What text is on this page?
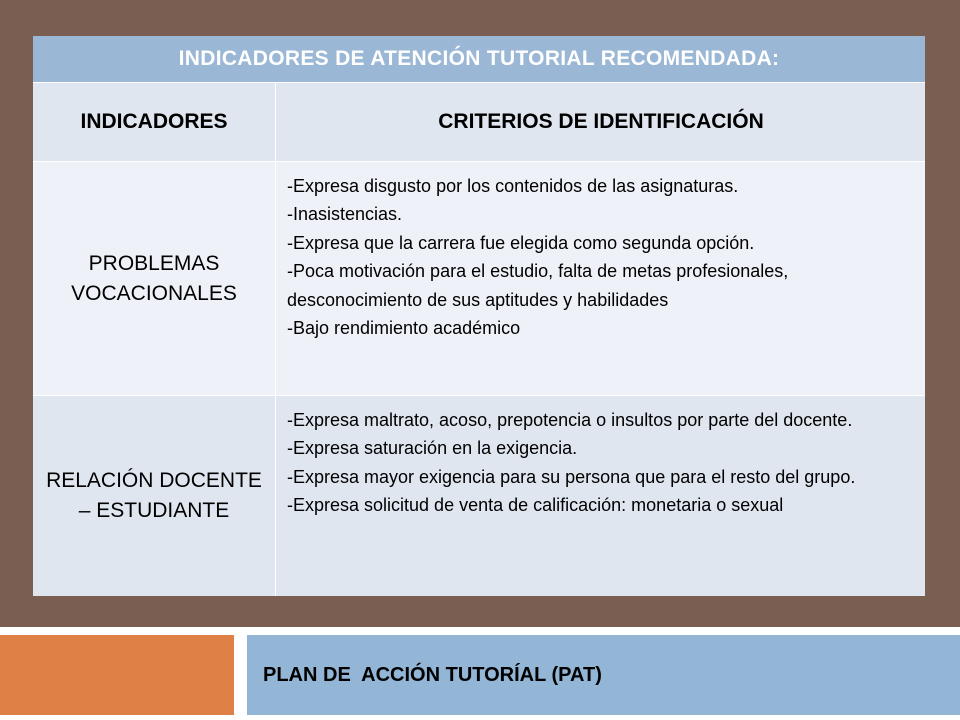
INDICADORES DE ATENCIÓN TUTORIAL RECOMENDADA:
INDICADORES	CRITERIOS DE IDENTIFICACIÓN
PROBLEMAS VOCACIONALES
-Expresa disgusto por los contenidos de las asignaturas.
-Inasistencias.
-Expresa que la carrera fue elegida como segunda opción.
-Poca motivación para el estudio, falta de metas profesionales, desconocimiento de sus aptitudes y habilidades
-Bajo rendimiento académico
RELACIÓN DOCENTE – ESTUDIANTE
-Expresa maltrato, acoso, prepotencia o insultos por parte del docente.
-Expresa saturación en la exigencia.
-Expresa mayor exigencia para su persona que para el resto del grupo.
-Expresa solicitud de venta de calificación: monetaria o sexual
PLAN DE  ACCIÓN TUTORÍAL (PAT)
